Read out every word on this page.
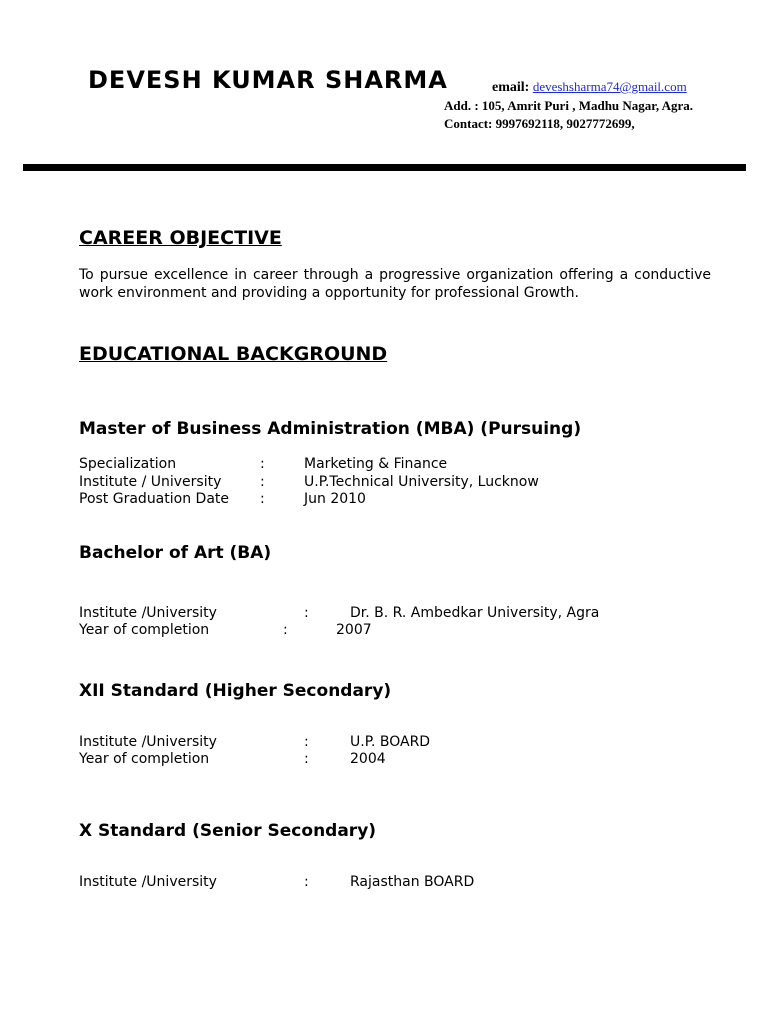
DEVESH KUMAR SHARMA	email: deveshsharma74@gmail.com
Add. : 105, Amrit Puri , Madhu Nagar, Agra.
Contact: 9997692118, 9027772699,
CAREER OBJECTIVE
To pursue excellence in career through a progressive organization offering a conductive work environment and providing a opportunity for professional Growth.
EDUCATIONAL BACKGROUND
Master of Business Administration (MBA) (Pursuing)
Specialization	:	Marketing & Finance
Institute / University	:	U.P.Technical University, Lucknow
Post Graduation Date :	Jun 2010
Bachelor of Art (BA)
Institute /University	:	Dr. B. R. Ambedkar University, Agra
Year of completion	:	2007
XII Standard (Higher Secondary)
Institute /University	:	U.P. BOARD
Year of completion	:	2004
X Standard (Senior Secondary)
Institute /University	:	Rajasthan BOARD
